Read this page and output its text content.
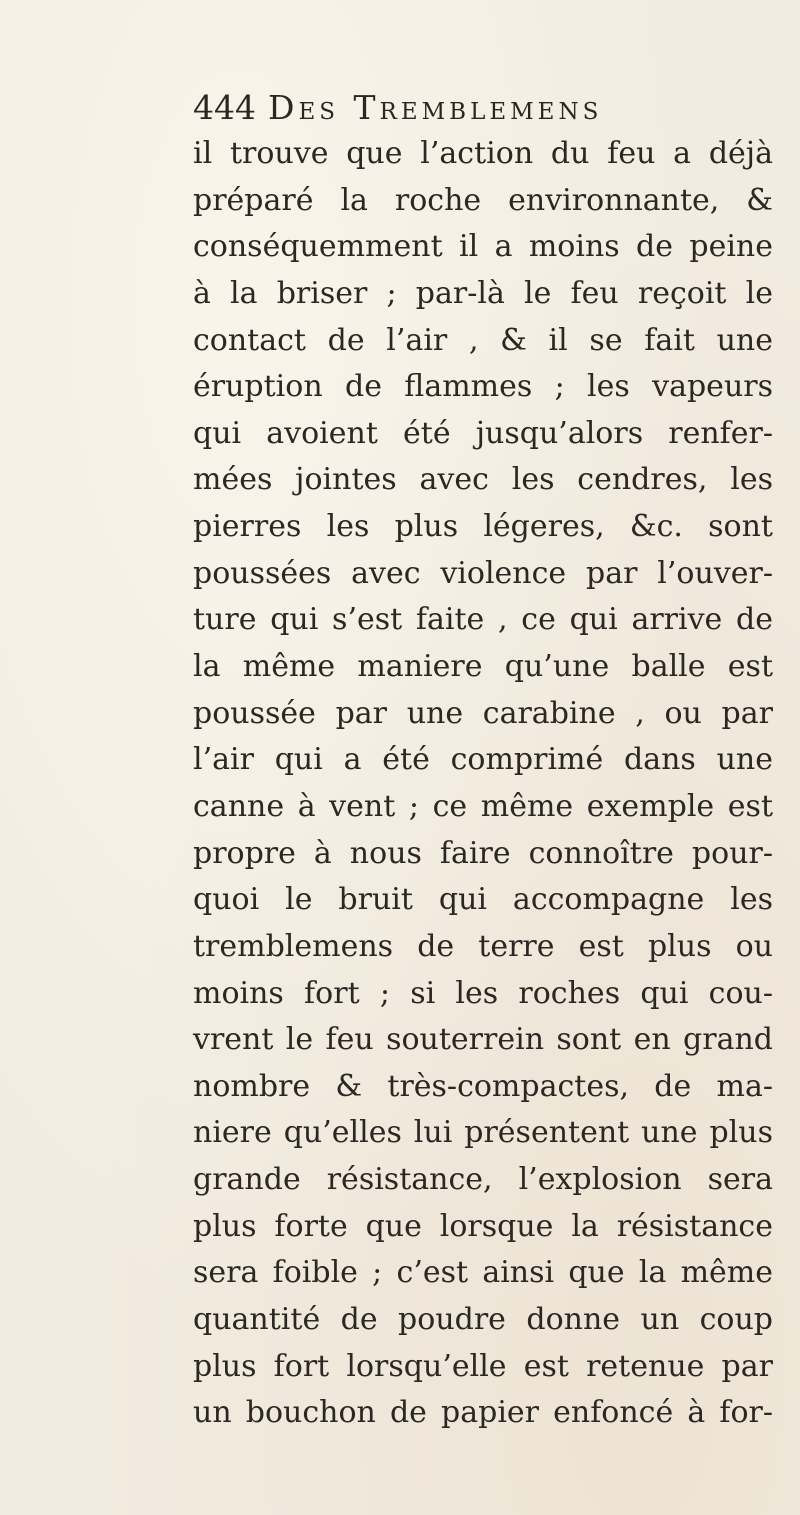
444 Des Tremblemens
il trouve que l’action du feu a déjà
préparé la roche environnante, &
conséquemment il a moins de peine
à la briser ; par-là le feu reçoit le
contact de l’air , & il se fait une
éruption de flammes ; les vapeurs
qui avoient été jusqu’alors renfer-
mées jointes avec les cendres, les
pierres les plus légeres, &c. sont
poussées avec violence par l’ouver-
ture qui s’est faite , ce qui arrive de
la même maniere qu’une balle est
poussée par une carabine , ou par
l’air qui a été comprimé dans une
canne à vent ; ce même exemple est
propre à nous faire connoître pour-
quoi le bruit qui accompagne les
tremblemens de terre est plus ou
moins fort ; si les roches qui cou-
vrent le feu souterrein sont en grand
nombre & très-compactes, de ma-
niere qu’elles lui présentent une plus
grande résistance, l’explosion sera
plus forte que lorsque la résistance
sera foible ; c’est ainsi que la même
quantité de poudre donne un coup
plus fort lorsqu’elle est retenue par
un bouchon de papier enfoncé à for-
